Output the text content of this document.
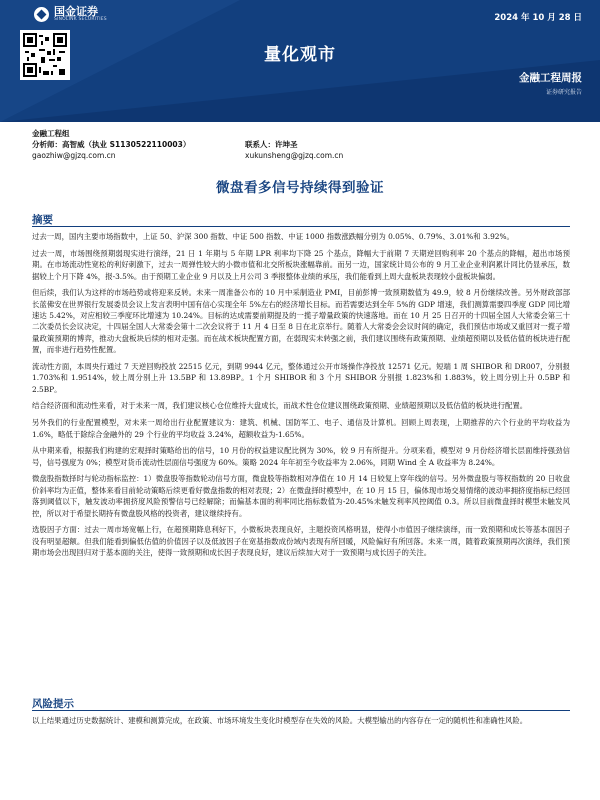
国金证券
SINOLINK SECURITIES	2024 年 10 月 28 日
量化观市
金融工程周报
证券研究报告
金融工程组
分析师：高智威（执业 S1130522110003）	联系人：许坤圣
gaozhiw@gjzq.com.cn	xukunsheng@gjzq.com.cn
微盘看多信号持续得到验证
摘要

过去一周，国内主要市场指数中，上证 50、沪深 300 指数、中证 500 指数、中证 1000 指数涨跌幅分别为 0.05%、0.79%、3.01%和 3.92%。

过去一周，市场围绕预期弱现实进行演绎，21 日 1 年期与 5 年期 LPR 利率均下降 25 个基点，降幅大于前期 7 天期逆回购利率 20 个基点的降幅，超出市场预期。在市场流动性宽松的利好刺激下，过去一周弹性较大的小微市值和北交所板块涨幅靠前。而另一边，国家统计局公布的 9 月工业企业利润累计同比仍显承压，数据较上个月下降 4%，报-3.5%。由于预期工业企业 9 月以及上月公司 3 季报整体业绩的承压，我们能看到上周大盘板块表现较小盘板块偏弱。

但后续，我们认为这样的市场趋势或将迎来反转。未来一周准备公布的 10 月中采制造业 PMI，目前彭博一致预期数值为 49.9，较 8 月份继续改善。另外财政部部长蓝佛安在世界银行发展委员会议上发言表明中国有信心实现全年 5%左右的经济增长目标。而若需要达到全年 5%的 GDP 增速，我们测算需要四季度 GDP 同比增速达 5.42%，对应相较三季度环比增速为 10.24%。目标的达成需要前期提及的一揽子增量政策的快速落地。而在 10 月 25 日召开的十四届全国人大常委会第三十二次委员长会议决定，十四届全国人大常委会第十二次会议将于 11 月 4 日至 8 日在北京举行。随着人大常委会会议时间的确定，我们预估市场或又重回对一揽子增量政策预期的博弈，推动大盘板块后续的相对走强。而在战术板块配置方面，在弱现实未转强之前，我们建议围绕有政策预期、业绩超预期以及低估值的板块进行配置，而非进行趋势性配置。

流动性方面，本周央行通过 7 天逆回购投放 22515 亿元，到期 9944 亿元，整体通过公开市场操作净投放 12571 亿元。短端 1 周 SHIBOR 和 DR007，分别报 1.703%和 1.9514%，较上周分别上升 13.5BP 和 13.89BP。1 个月 SHIBOR 和 3 个月 SHIBOR 分别报 1.823%和 1.883%，较上周分别上升 0.5BP 和 2.5BP。

结合经济面和流动性来看，对于未来一周，我们建议核心仓位维持大盘成长，而战术性仓位建议围绕政策预期、业绩超预期以及低估值的板块进行配置。

另外我们的行业配置模型，对未来一周给出行业配置建议为：建筑、机械、国防军工、电子、通信及计算机。回顾上周表现，上期推荐的六个行业的平均收益为 1.6%，略低于除综合金融外的 29 个行业的平均收益 3.24%，超额收益为-1.65%。

从中期来看，根据我们构建的宏观择时策略给出的信号，10 月份的权益建议配比例为 30%，较 9 月有所提升。分项来看，模型对 9 月份经济增长层面维持强劲信号，信号强度为 0%；模型对货币流动性层面信号强度为 60%。策略 2024 年年初至今收益率为 2.06%，同期 Wind 全 A 收益率为 8.24%。

微盘股指数择时与轮动指标监控：1）微盘股等指数轮动信号方面，微盘股等指数相对净值在 10 月 14 日较复上穿年线的信号。另外微盘股与等权指数的 20 日收盘价斜率均为正值，整体来看目前轮动策略后续更看好微盘指数的相对表现；2）在微盘择时模型中，在 10 月 15 日，偏体现市场交易情绪的波动率拥挤度指标已经回落到阈值以下，触发波动率拥挤度风险预警信号已经解除；而偏基本面的利率同比指标数值为-20.45%未触发利率风控阈值 0.3。所以目前微盘择时模型未触发风控，所以对于希望长期持有微盘股风格的投资者，建议继续持有。

选股因子方面：过去一周市场宽幅上行，在超预期降息利好下，小微板块表现良好，主题投资风格明显，使得小市值因子继续演绎，而一致预期和成长等基本面因子没有明显超额。但我们能看到偏低估值的价值因子以及低波因子在宽基指数成份域内表现有所回暖，风险偏好有所回落。未来一周，随着政策预期再次演绎，我们预期市场会出现回归对于基本面的关注，使得一致预期和成长因子表现良好，建议后续加大对于一致预期与成长因子的关注。

风险提示

以上结果通过历史数据统计、建模和测算完成，在政策、市场环境发生变化时模型存在失效的风险。大模型输出的内容存在一定的随机性和准确性风险。
